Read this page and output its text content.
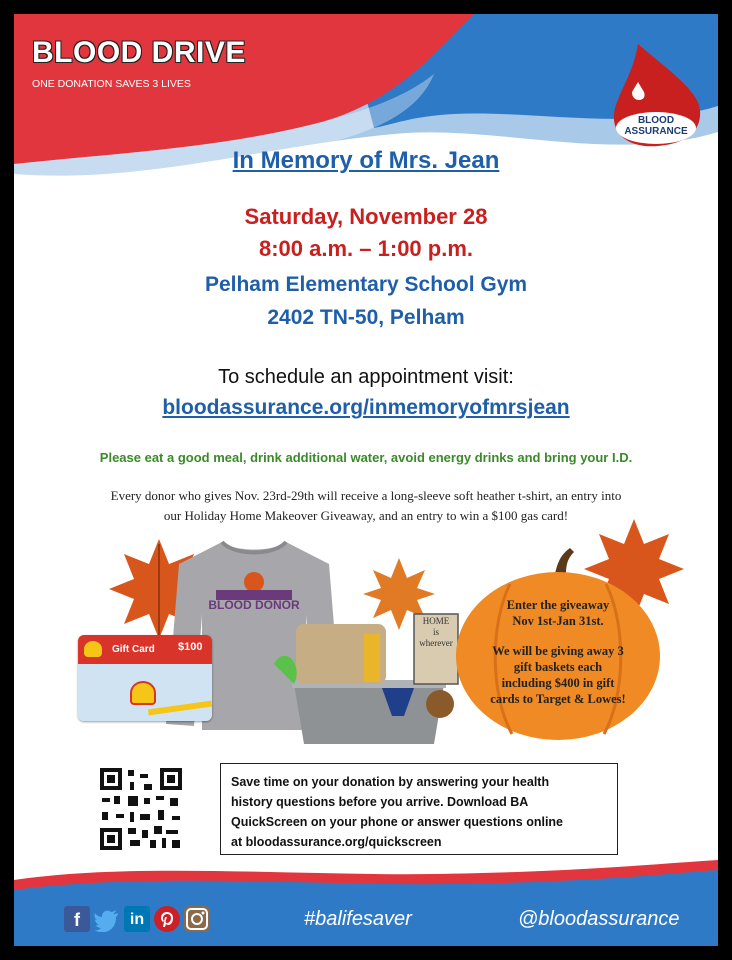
BLOOD DRIVE
ONE DONATION SAVES 3 LIVES
BLOOD
ASSURANCE
In Memory of Mrs. Jean
Saturday, November 28
8:00 a.m. – 1:00 p.m.
Pelham Elementary School Gym
2402 TN-50, Pelham
To schedule an appointment visit:
bloodassurance.org/inmemoryofmrsjean
Please eat a good meal, drink additional water, avoid energy drinks and bring your I.D.
Every donor who gives Nov. 23rd-29th will receive a long-sleeve soft heather t-shirt, an entry into
our Holiday Home Makeover Giveaway, and an entry to win a $100 gas card!
BLOOD DONOR
Gift Card $100
HOME
is
wherever
Enter the giveaway
Nov 1st-Jan 31st.
We will be giving away 3
gift baskets each
including $400 in gift
cards to Target & Lowes!
Save time on your donation by answering your health
history questions before you arrive. Download BA
QuickScreen on your phone or answer questions online
at bloodassurance.org/quickscreen
f	in	#balifesaver	@bloodassurance
